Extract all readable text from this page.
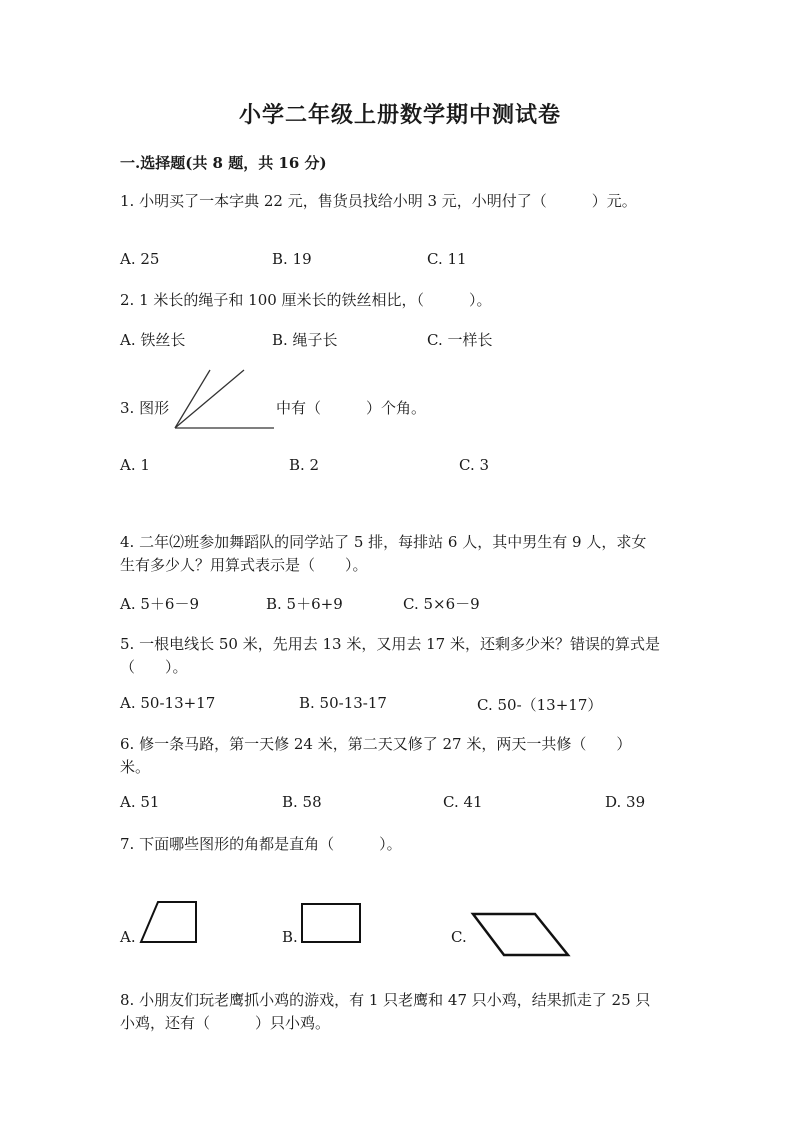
小学二年级上册数学期中测试卷
一.选择题(共 8 题，共 16 分)
1. 小明买了一本字典 22 元，售货员找给小明 3 元，小明付了（　　　）元。
A. 25	B. 19	C. 11
2. 1 米长的绳子和 100 厘米长的铁丝相比，（　　　）。
A. 铁丝长	B. 绳子长	C. 一样长
3. 图形	中有（　　　）个角。
A. 1	B. 2	C. 3
4. 二年⑵班参加舞蹈队的同学站了 5 排，每排站 6 人，其中男生有 9 人，求女
生有多少人？用算式表示是（　　）。
A. 5＋6－9	B. 5＋6+9	C. 5×6－9
5. 一根电线长 50 米，先用去 13 米，又用去 17 米，还剩多少米？错误的算式是
（　　）。
A. 50-13+17	B. 50-13-17	C. 50-（13+17）
6. 修一条马路，第一天修 24 米，第二天又修了 27 米，两天一共修（　　）
米。
A. 51	B. 58	C. 41	D. 39
7. 下面哪些图形的角都是直角（　　　）。
A.	B.	C.
8. 小朋友们玩老鹰抓小鸡的游戏，有 1 只老鹰和 47 只小鸡，结果抓走了 25 只
小鸡，还有（　　　）只小鸡。
